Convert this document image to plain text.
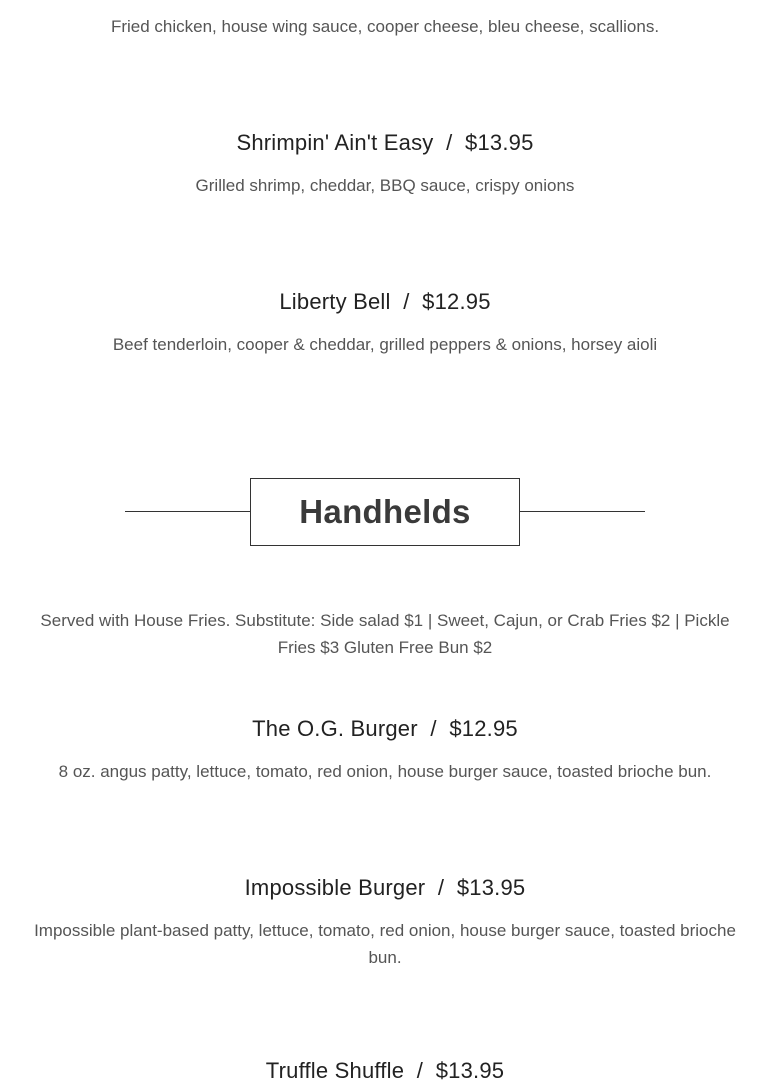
Fried chicken, house wing sauce, cooper cheese, bleu cheese, scallions.
Shrimpin' Ain't Easy  /  $13.95
Grilled shrimp, cheddar, BBQ sauce, crispy onions
Liberty Bell  /  $12.95
Beef tenderloin, cooper & cheddar, grilled peppers & onions, horsey aioli
Handhelds
Served with House Fries. Substitute: Side salad $1 | Sweet, Cajun, or Crab Fries $2 | Pickle Fries $3 Gluten Free Bun $2
The O.G. Burger  /  $12.95
8 oz. angus patty, lettuce, tomato, red onion, house burger sauce, toasted brioche bun.
Impossible Burger  /  $13.95
Impossible plant-based patty, lettuce, tomato, red onion, house burger sauce, toasted brioche bun.
Truffle Shuffle  /  $13.95
